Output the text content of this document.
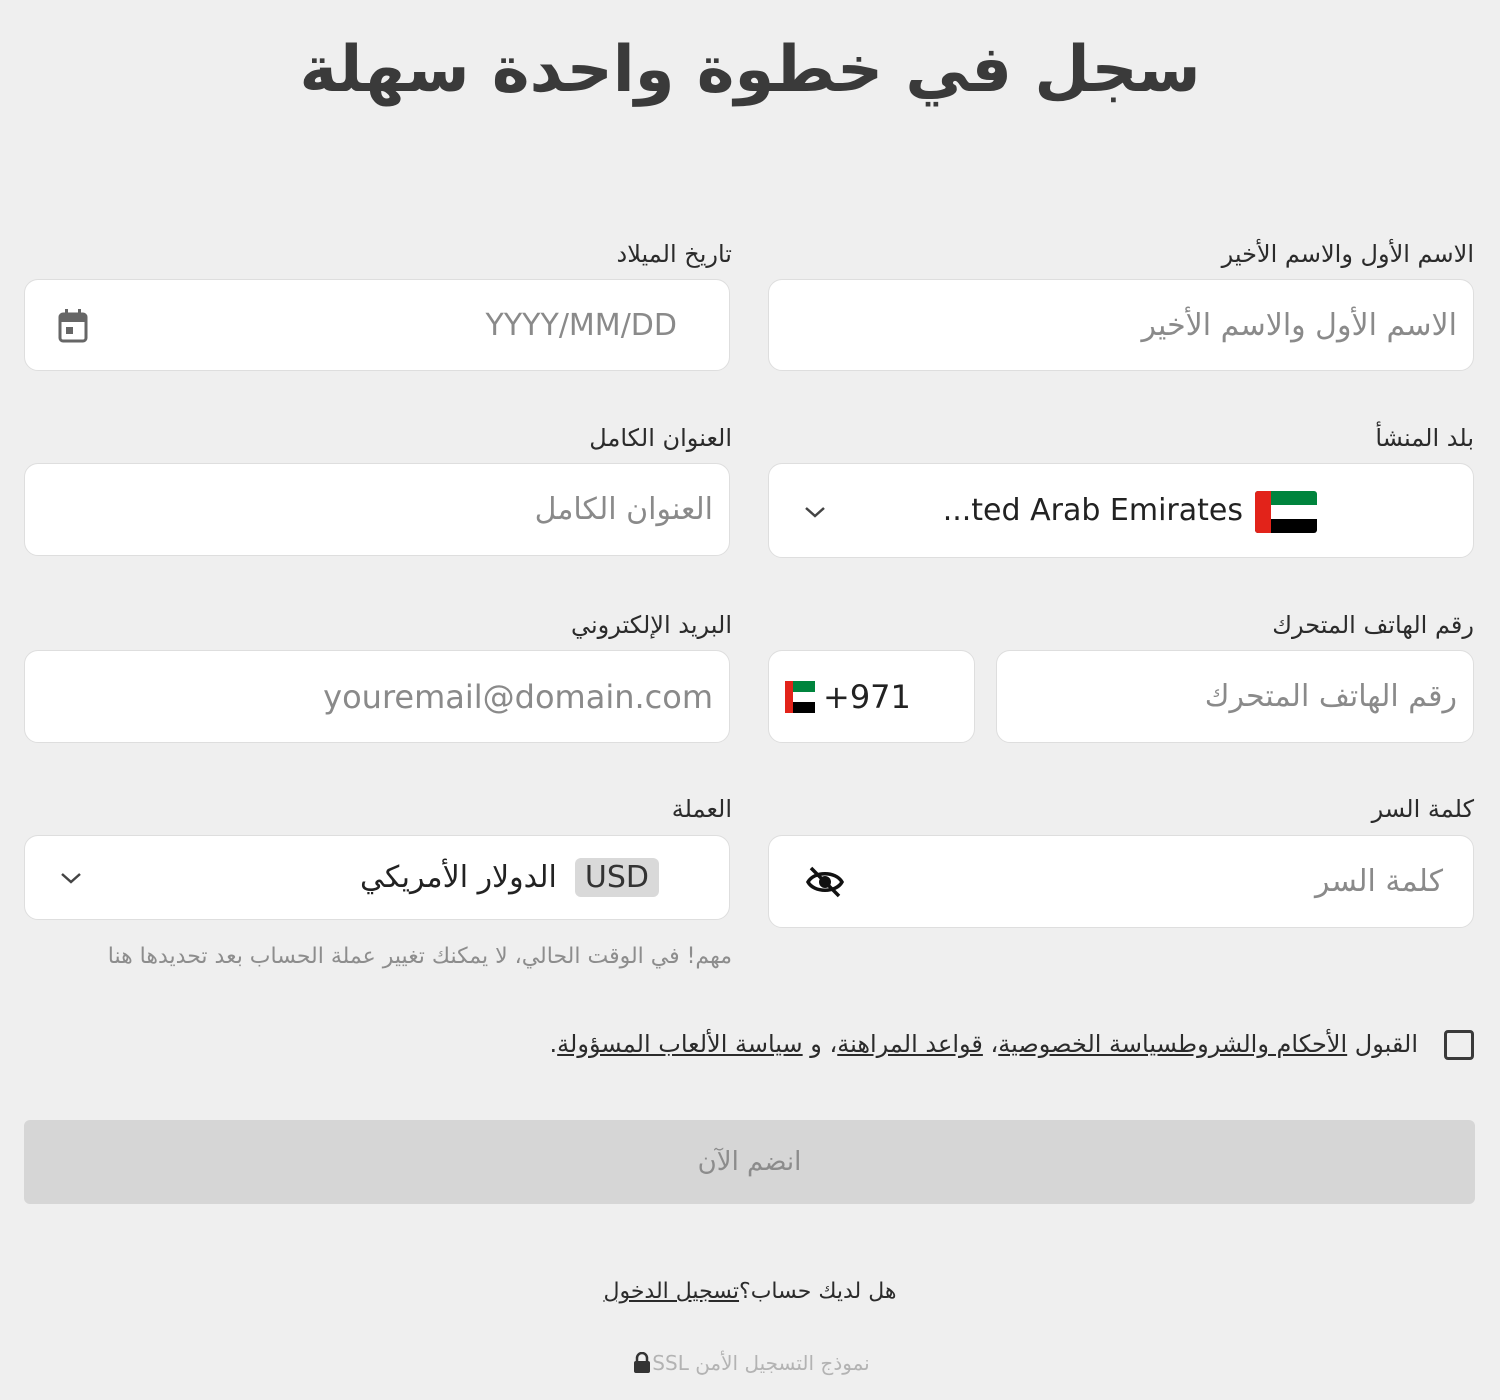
سجل في خطوة واحدة سهلة
الاسم الأول والاسم الأخير
الاسم الأول والاسم الأخير
تاريخ الميلاد
YYYY/MM/DD
بلد المنشأ
...ted Arab Emirates
العنوان الكامل
العنوان الكامل
رقم الهاتف المتحرك
رقم الهاتف المتحرك
+971
البريد الإلكتروني
youremail@domain.com
كلمة السر
كلمة السر
العملة
USD
الدولار الأمريكي
مهم! في الوقت الحالي، لا يمكنك تغيير عملة الحساب بعد تحديدها هنا
القبول الأحكام والشروطسياسة الخصوصية، قواعد المراهنة، و سياسة الألعاب المسؤولة.
انضم الآن
هل لديك حساب؟تسجيل الدخول
نموذج التسجيل الأمن SSL
